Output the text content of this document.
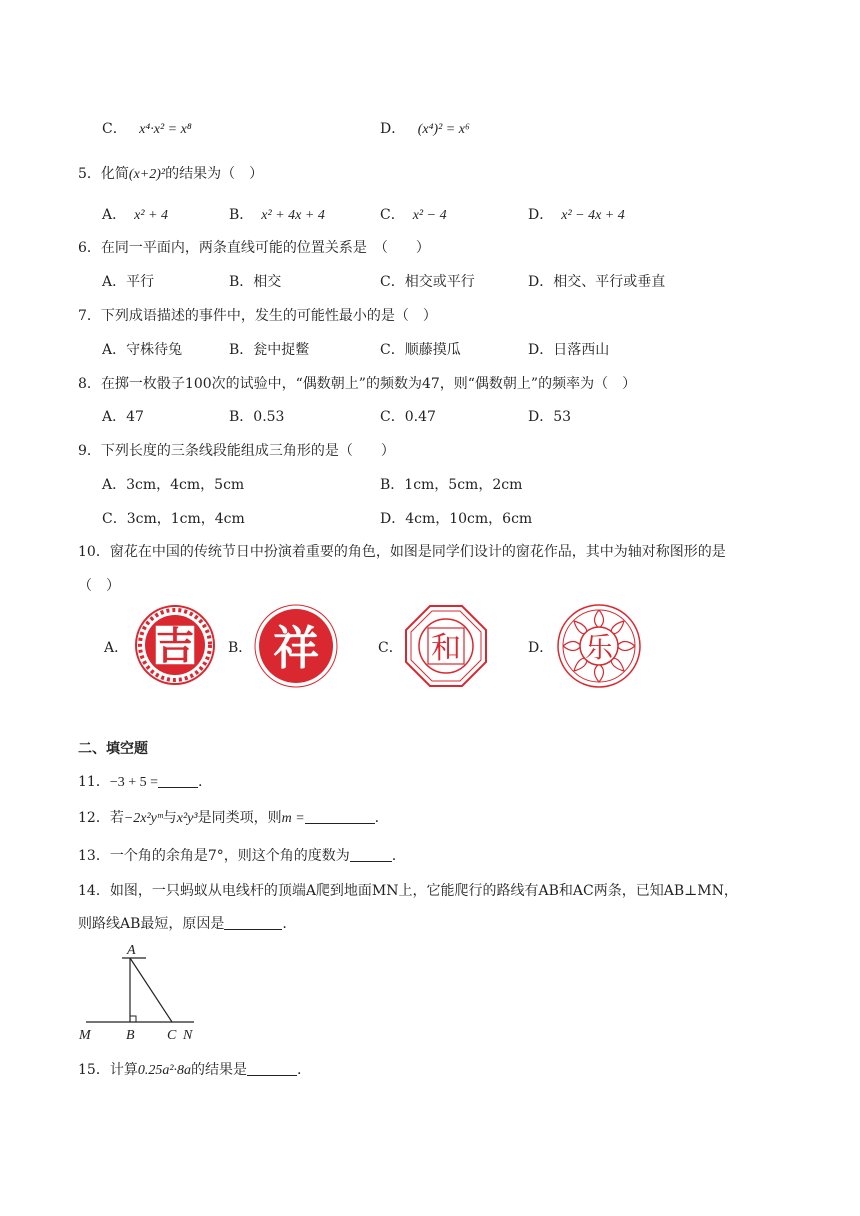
C． x⁴·x² = x⁸	D． (x⁴)² = x⁶
5．化简(x+2)²的结果为（　）
A． x² + 4	B． x² + 4x + 4	C． x² − 4	D． x² − 4x + 4
6．在同一平面内，两条直线可能的位置关系是　（　　）
A．平行	B．相交	C．相交或平行	D．相交、平行或垂直
7．下列成语描述的事件中，发生的可能性最小的是（　）
A．守株待兔	B．瓮中捉鳖	C．顺藤摸瓜	D．日落西山
8．在掷一枚骰子100次的试验中，“偶数朝上”的频数为47，则“偶数朝上”的频率为（　）
A．47	B．0.53	C．0.47	D．53
9．下列长度的三条线段能组成三角形的是（　　）
A．3cm，4cm，5cm	B．1cm，5cm，2cm
C．3cm，1cm，4cm	D．4cm，10cm，6cm
10．窗花在中国的传统节日中扮演着重要的角色，如图是同学们设计的窗花作品，其中为轴对称图形的是
（　）
A． 吉 B． 祥	C． 和	D． 乐
二、填空题
11．−3 + 5 =	.
12．若−2x²yᵐ与x²y³是同类项，则m =	.
13．一个角的余角是7°，则这个角的度数为	.
14．如图，一只蚂蚁从电线杆的顶端A爬到地面MN上，它能爬行的路线有AB和AC两条，已知AB⊥MN，
则路线AB最短，原因是	.
A
M	B C N
15．计算0.25a²·8a的结果是	.
